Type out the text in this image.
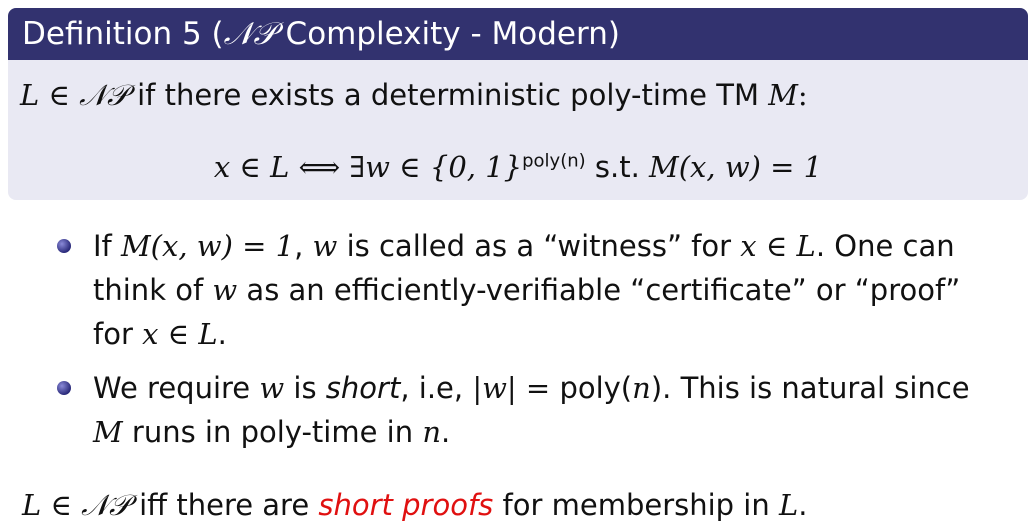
Definition 5 (𝒩𝒫 Complexity - Modern)
L ∈ 𝒩𝒫 if there exists a deterministic poly-time TM M:
x ∈ L ⟺ ∃w ∈ {0, 1}$^{poly(n)}$ s.t. M(x, w) = 1
If M(x, w) = 1, w is called as a “witness” for x ∈ L. One can
think of w as an efficiently-verifiable “certificate” or “proof”
for x ∈ L.
We require w is short, i.e, |w| = poly(n). This is natural since
M runs in poly-time in n.
L ∈ 𝒩𝒫 iff there are short proofs for membership in L.
